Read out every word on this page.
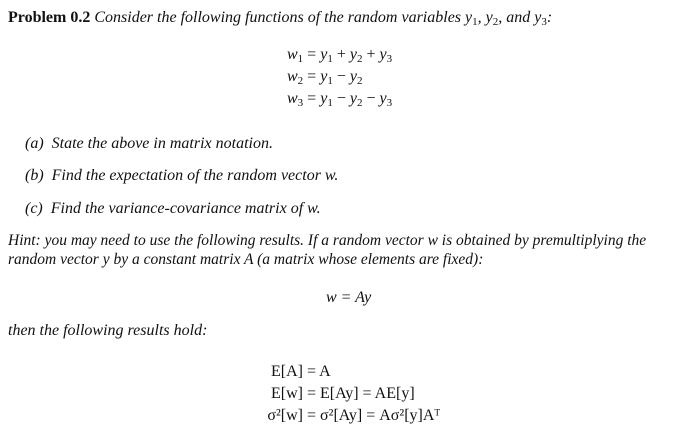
Problem 0.2 Consider the following functions of the random variables $y_1$, $y_2$, and $y_3$:
$w_1 = y_1 + y_2 + y_3$
$w_2 = y_1 - y_2$
$w_3 = y_1 - y_2 - y_3$
(a) State the above in matrix notation.
(b) Find the expectation of the random vector w.
(c) Find the variance-covariance matrix of w.
Hint: you may need to use the following results. If a random vector w is obtained by premultiplying the
random vector y by a constant matrix A (a matrix whose elements are fixed):
w = Ay
then the following results hold:
E[A] = A
E[w] = E[Ay] = AE[y]
σ²[w] = σ²[Ay] = Aσ²[y]Aᵀ
